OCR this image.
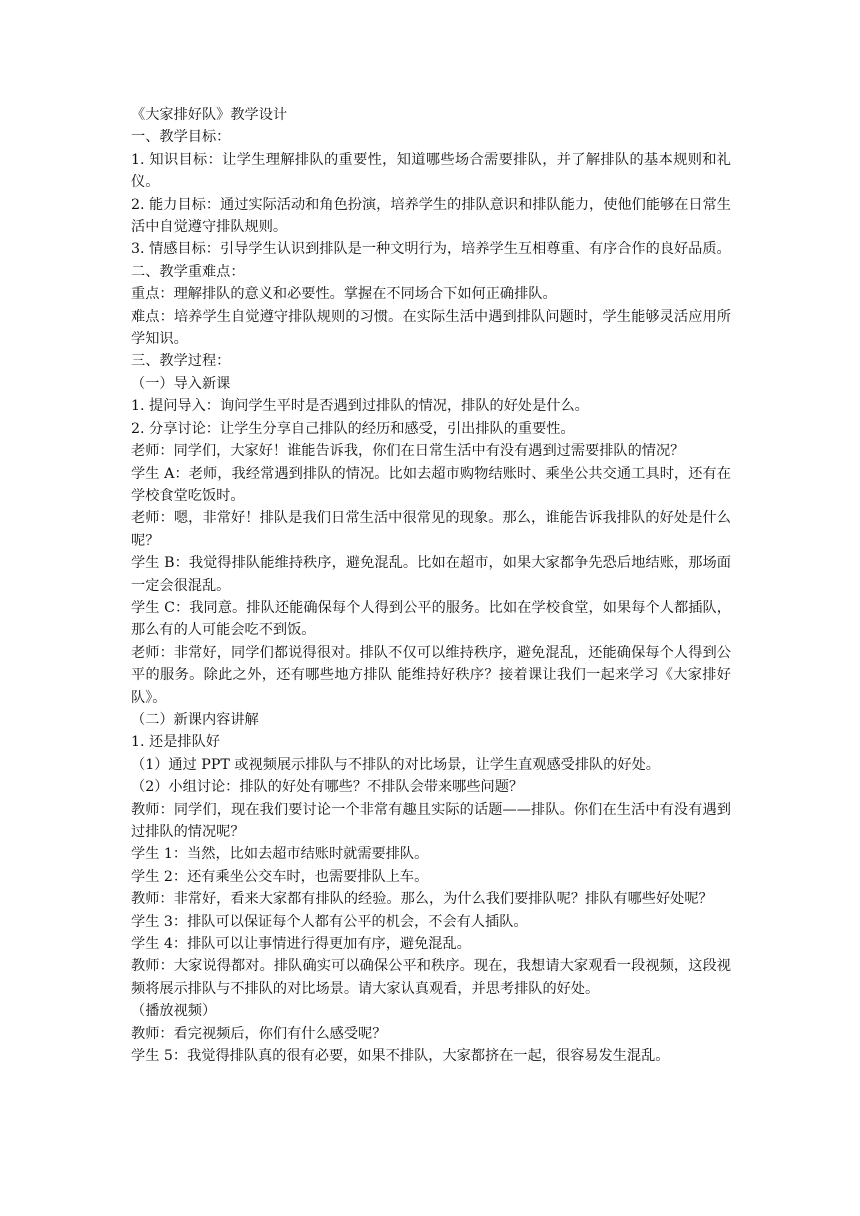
《大家排好队》教学设计

一、教学目标：

1. 知识目标：让学生理解排队的重要性，知道哪些场合需要排队，并了解排队的基本规则和礼仪。

2. 能力目标：通过实际活动和角色扮演，培养学生的排队意识和排队能力，使他们能够在日常生活中自觉遵守排队规则。

3. 情感目标：引导学生认识到排队是一种文明行为，培养学生互相尊重、有序合作的良好品质。

二、教学重难点：

重点：理解排队的意义和必要性。掌握在不同场合下如何正确排队。

难点：培养学生自觉遵守排队规则的习惯。在实际生活中遇到排队问题时，学生能够灵活应用所学知识。

三、教学过程：

（一）导入新课

1. 提问导入：询问学生平时是否遇到过排队的情况，排队的好处是什么。

2. 分享讨论：让学生分享自己排队的经历和感受，引出排队的重要性。

老师：同学们，大家好！谁能告诉我，你们在日常生活中有没有遇到过需要排队的情况？

学生 A：老师，我经常遇到排队的情况。比如去超市购物结账时、乘坐公共交通工具时，还有在学校食堂吃饭时。

老师：嗯，非常好！排队是我们日常生活中很常见的现象。那么，谁能告诉我排队的好处是什么呢？

学生 B：我觉得排队能维持秩序，避免混乱。比如在超市，如果大家都争先恐后地结账，那场面一定会很混乱。

学生 C：我同意。排队还能确保每个人得到公平的服务。比如在学校食堂，如果每个人都插队，那么有的人可能会吃不到饭。

老师：非常好，同学们都说得很对。排队不仅可以维持秩序，避免混乱，还能确保每个人得到公平的服务。除此之外，还有哪些地方排队 能维持好秩序？接着课让我们一起来学习《大家排好队》。

（二）新课内容讲解

1. 还是排队好

（1）通过 PPT 或视频展示排队与不排队的对比场景，让学生直观感受排队的好处。

（2）小组讨论：排队的好处有哪些？不排队会带来哪些问题？

教师：同学们，现在我们要讨论一个非常有趣且实际的话题——排队。你们在生活中有没有遇到过排队的情况呢？

学生 1：当然，比如去超市结账时就需要排队。

学生 2：还有乘坐公交车时，也需要排队上车。

教师：非常好，看来大家都有排队的经验。那么，为什么我们要排队呢？排队有哪些好处呢？

学生 3：排队可以保证每个人都有公平的机会，不会有人插队。

学生 4：排队可以让事情进行得更加有序，避免混乱。

教师：大家说得都对。排队确实可以确保公平和秩序。现在，我想请大家观看一段视频，这段视频将展示排队与不排队的对比场景。请大家认真观看，并思考排队的好处。

（播放视频）

教师：看完视频后，你们有什么感受呢？

学生 5：我觉得排队真的很有必要，如果不排队，大家都挤在一起，很容易发生混乱。
